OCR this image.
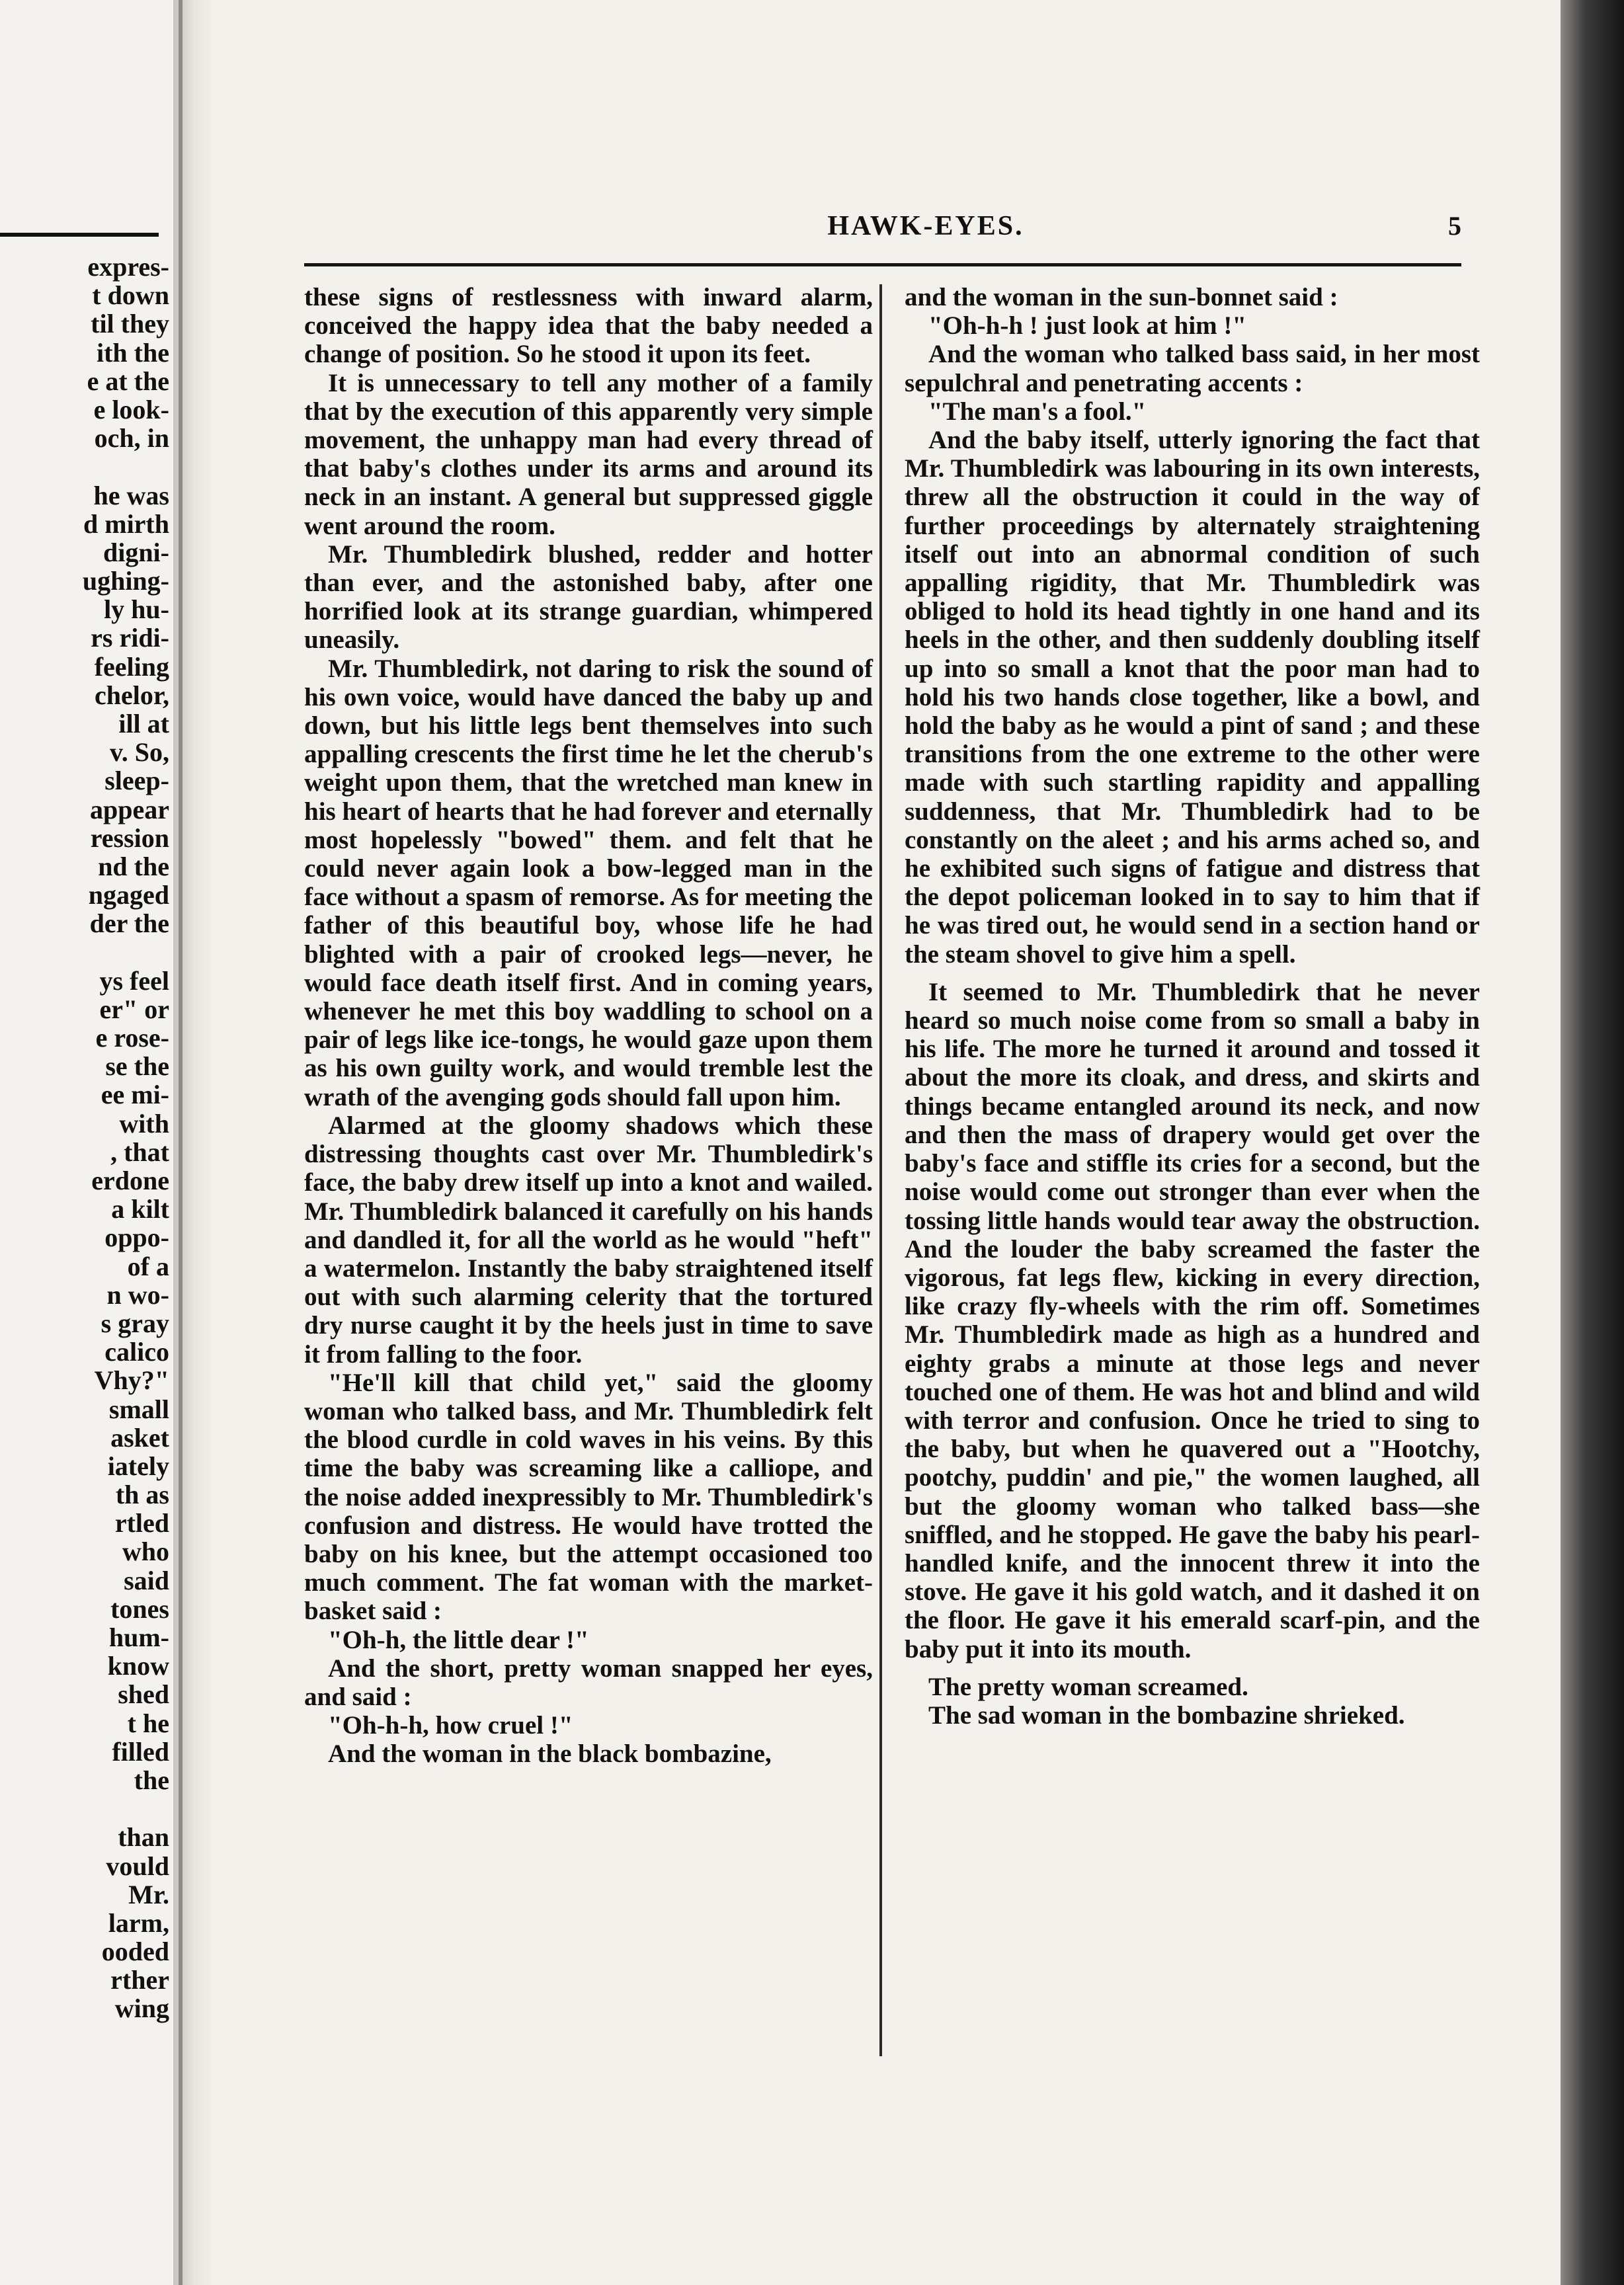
expres-
t down
til they
ith the
e at the
e look-
och, in

he was
d mirth
digni-
ughing-
ly hu-
rs ridi-
feeling
chelor,
ill at
v. So,
sleep-
appear
ression
nd the
ngaged
der the

ys feel
er" or
e rose-
se the
ee mi-
with
, that
erdone
a kilt
oppo-
of a
n wo-
s gray
calico
Vhy?"
small
asket
iately
th as
rtled
who
said
tones
hum-
know
shed
t he
filled
the

than
vould
Mr.
larm,
ooded
rther
wing
HAWK-EYES.	5

these signs of restlessness with inward alarm, conceived the happy idea that the baby needed a change of position. So he stood it upon its feet.

It is unnecessary to tell any mother of a family that by the execution of this apparently very simple movement, the unhappy man had every thread of that baby's clothes under its arms and around its neck in an instant. A general but suppressed giggle went around the room.

Mr. Thumbledirk blushed, redder and hotter than ever, and the astonished baby, after one horrified look at its strange guardian, whimpered uneasily.

Mr. Thumbledirk, not daring to risk the sound of his own voice, would have danced the baby up and down, but his little legs bent themselves into such appalling crescents the first time he let the cherub's weight upon them, that the wretched man knew in his heart of hearts that he had forever and eternally most hopelessly "bowed" them. and felt that he could never again look a bow-legged man in the face without a spasm of remorse. As for meeting the father of this beautiful boy, whose life he had blighted with a pair of crooked legs—never, he would face death itself first. And in coming years, whenever he met this boy waddling to school on a pair of legs like ice-tongs, he would gaze upon them as his own guilty work, and would tremble lest the wrath of the avenging gods should fall upon him.

Alarmed at the gloomy shadows which these distressing thoughts cast over Mr. Thumbledirk's face, the baby drew itself up into a knot and wailed. Mr. Thumbledirk balanced it carefully on his hands and dandled it, for all the world as he would "heft" a watermelon. Instantly the baby straightened itself out with such alarming celerity that the tortured dry nurse caught it by the heels just in time to save it from falling to the foor.

"He'll kill that child yet," said the gloomy woman who talked bass, and Mr. Thumbledirk felt the blood curdle in cold waves in his veins. By this time the baby was screaming like a calliope, and the noise added inexpressibly to Mr. Thumbledirk's confusion and distress. He would have trotted the baby on his knee, but the attempt occasioned too much comment. The fat woman with the market-basket said :

"Oh-h, the little dear !"

And the short, pretty woman snapped her eyes, and said :

"Oh-h-h, how cruel !"

And the woman in the black bombazine,

and the woman in the sun-bonnet said :

"Oh-h-h ! just look at him !"

And the woman who talked bass said, in her most sepulchral and penetrating accents :

"The man's a fool."

And the baby itself, utterly ignoring the fact that Mr. Thumbledirk was labouring in its own interests, threw all the obstruction it could in the way of further proceedings by alternately straightening itself out into an abnormal condition of such appalling rigidity, that Mr. Thumbledirk was obliged to hold its head tightly in one hand and its heels in the other, and then suddenly doubling itself up into so small a knot that the poor man had to hold his two hands close together, like a bowl, and hold the baby as he would a pint of sand ; and these transitions from the one extreme to the other were made with such startling rapidity and appalling suddenness, that Mr. Thumbledirk had to be constantly on the aleet ; and his arms ached so, and he exhibited such signs of fatigue and distress that the depot policeman looked in to say to him that if he was tired out, he would send in a section hand or the steam shovel to give him a spell.

It seemed to Mr. Thumbledirk that he never heard so much noise come from so small a baby in his life. The more he turned it around and tossed it about the more its cloak, and dress, and skirts and things became entangled around its neck, and now and then the mass of drapery would get over the baby's face and stiffle its cries for a second, but the noise would come out stronger than ever when the tossing little hands would tear away the obstruction. And the louder the baby screamed the faster the vigorous, fat legs flew, kicking in every direction, like crazy fly-wheels with the rim off. Sometimes Mr. Thumbledirk made as high as a hundred and eighty grabs a minute at those legs and never touched one of them. He was hot and blind and wild with terror and confusion. Once he tried to sing to the baby, but when he quavered out a "Hootchy, pootchy, puddin' and pie," the women laughed, all but the gloomy woman who talked bass—she sniffled, and he stopped. He gave the baby his pearl-handled knife, and the innocent threw it into the stove. He gave it his gold watch, and it dashed it on the floor. He gave it his emerald scarf-pin, and the baby put it into its mouth.

The pretty woman screamed.

The sad woman in the bombazine shrieked.
